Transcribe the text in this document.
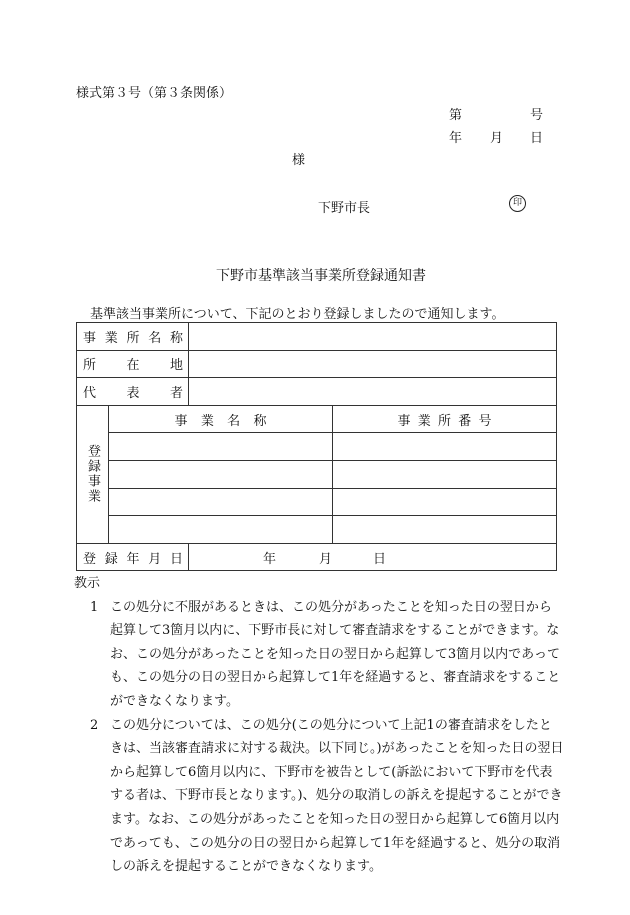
様式第３号（第３条関係）
第	号
年 月 日
様
下野市長	印
下野市基準該当事業所登録通知書
基準該当事業所について、下記のとおり登録しましたので通知します。
事 業 所 名 称			

所 在 地			

代 表 者			

登録事業	事 業 名 称		事 業 所 番 号

登 録 年 月 日		年 月 日	
教示
1 この処分に不服があるときは、この処分があったことを知った日の翌日から起算して3箇月以内に、下野市長に対して審査請求をすることができます。なお、この処分があったことを知った日の翌日から起算して3箇月以内であっても、この処分の日の翌日から起算して1年を経過すると、審査請求をすることができなくなります。

2 この処分については、この処分(この処分について上記1の審査請求をしたときは、当該審査請求に対する裁決。以下同じ。)があったことを知った日の翌日から起算して6箇月以内に、下野市を被告として(訴訟において下野市を代表する者は、下野市長となります。)、処分の取消しの訴えを提起することができます。なお、この処分があったことを知った日の翌日から起算して6箇月以内であっても、この処分の日の翌日から起算して1年を経過すると、処分の取消しの訴えを提起することができなくなります。
